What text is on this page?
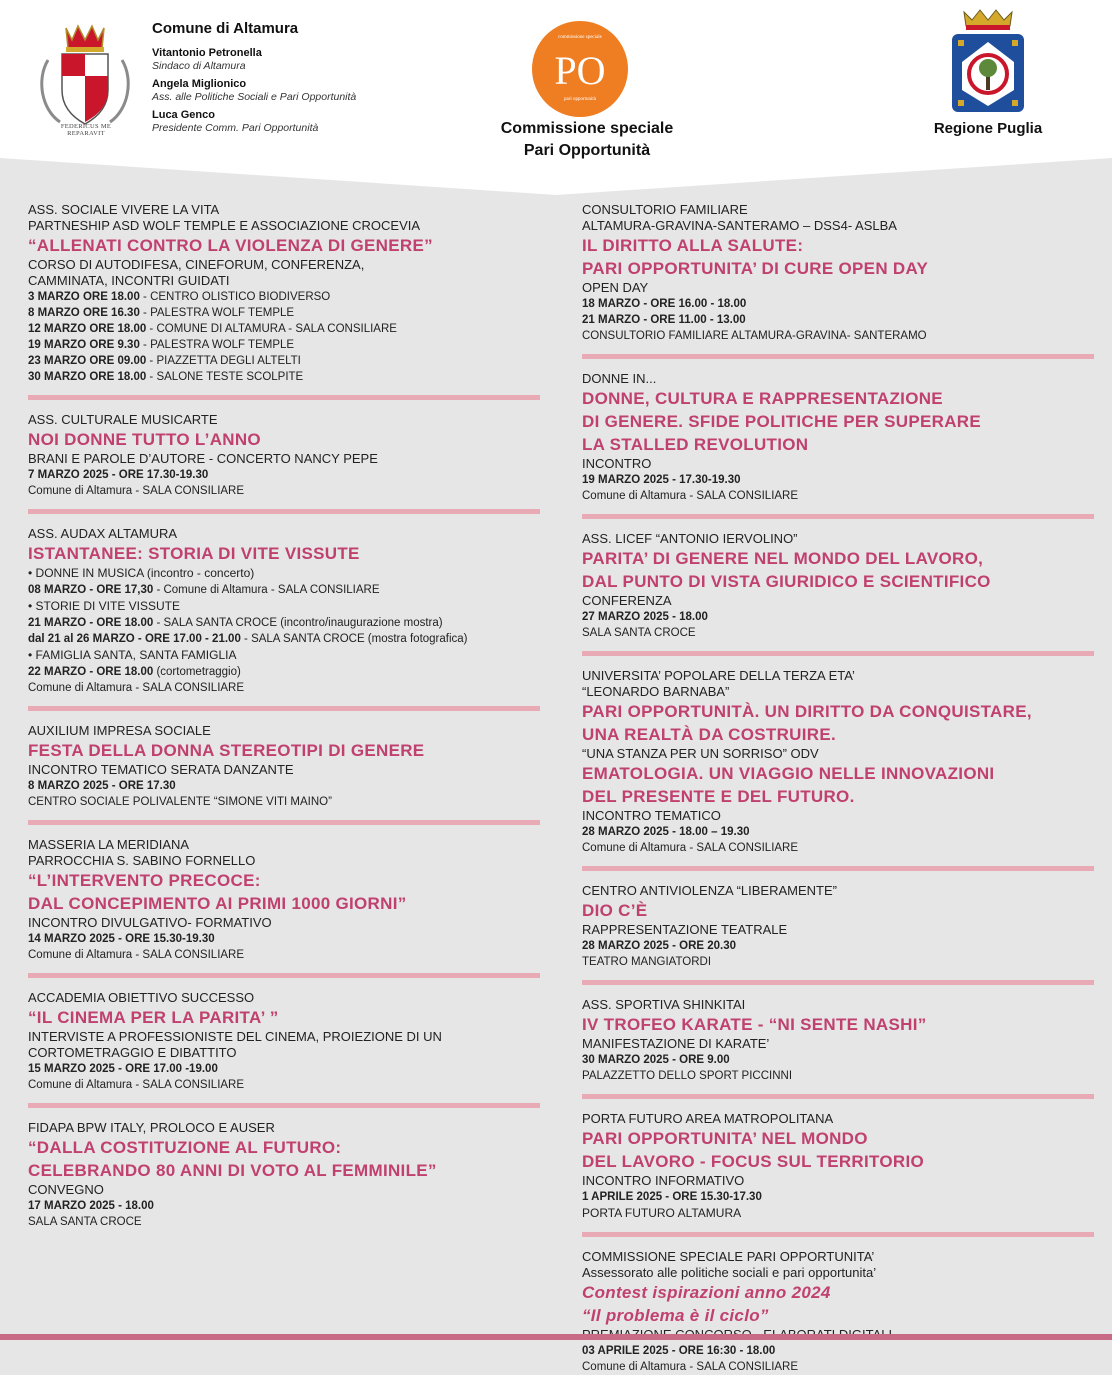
FEDERICUS ME REPARAVIT
Comune di Altamura
Vitantonio Petronella
Sindaco di Altamura
Angela Miglionico
Ass. alle Politiche Sociali e Pari Opportunità
Luca Genco
Presidente Comm. Pari Opportunità
commissione speciale
PO
pari opportunità
Commissione speciale
Pari Opportunità
Regione Puglia
ASS. SOCIALE VIVERE LA VITA
PARTNESHIP ASD WOLF TEMPLE E ASSOCIAZIONE CROCEVIA
“ALLENATI CONTRO LA VIOLENZA DI GENERE”
CORSO DI AUTODIFESA, CINEFORUM, CONFERENZA,
CAMMINATA, INCONTRI GUIDATI
3 MARZO ORE 18.00 - CENTRO OLISTICO BIODIVERSO
8 MARZO ORE 16.30 - PALESTRA WOLF TEMPLE
12 MARZO ORE 18.00 - COMUNE DI ALTAMURA - SALA CONSILIARE
19 MARZO ORE 9.30 - PALESTRA WOLF TEMPLE
23 MARZO ORE 09.00 - PIAZZETTA DEGLI ALTELTI
30 MARZO ORE 18.00 - SALONE TESTE SCOLPITE
ASS. CULTURALE MUSICARTE
NOI DONNE TUTTO L’ANNO
BRANI E PAROLE D’AUTORE - CONCERTO NANCY PEPE
7 MARZO 2025 - ORE 17.30-19.30
Comune di Altamura - SALA CONSILIARE
ASS. AUDAX ALTAMURA
ISTANTANEE: STORIA DI VITE VISSUTE
• DONNE IN MUSICA (incontro - concerto)
08 MARZO - ORE 17,30 - Comune di Altamura - SALA CONSILIARE
• STORIE DI VITE VISSUTE
21 MARZO - ORE 18.00 - SALA SANTA CROCE (incontro/inaugurazione mostra)
dal 21 al 26 MARZO - ORE 17.00 - 21.00 - SALA SANTA CROCE (mostra fotografica)
• FAMIGLIA SANTA, SANTA FAMIGLIA
22 MARZO - ORE 18.00 (cortometraggio)
Comune di Altamura - SALA CONSILIARE
AUXILIUM IMPRESA SOCIALE
FESTA DELLA DONNA STEREOTIPI DI GENERE
INCONTRO TEMATICO SERATA DANZANTE
8 MARZO 2025 - ORE 17.30
CENTRO SOCIALE POLIVALENTE “SIMONE VITI MAINO”
MASSERIA LA MERIDIANA
PARROCCHIA S. SABINO FORNELLO
“L’INTERVENTO PRECOCE:
DAL CONCEPIMENTO AI PRIMI 1000 GIORNI”
INCONTRO DIVULGATIVO- FORMATIVO
14 MARZO 2025 - ORE 15.30-19.30
Comune di Altamura - SALA CONSILIARE
ACCADEMIA OBIETTIVO SUCCESSO
“IL CINEMA PER LA PARITA’ ”
INTERVISTE A PROFESSIONISTE DEL CINEMA, PROIEZIONE DI UN
CORTOMETRAGGIO E DIBATTITO
15 MARZO 2025 - ORE 17.00 -19.00
Comune di Altamura - SALA CONSILIARE
FIDAPA BPW ITALY, PROLOCO E AUSER
“DALLA COSTITUZIONE AL FUTURO:
CELEBRANDO 80 ANNI DI VOTO AL FEMMINILE”
CONVEGNO
17 MARZO 2025 - 18.00
SALA SANTA CROCE
CONSULTORIO FAMILIARE
ALTAMURA-GRAVINA-SANTERAMO – DSS4- ASLBA
IL DIRITTO ALLA SALUTE:
PARI OPPORTUNITA’ DI CURE OPEN DAY
OPEN DAY
18 MARZO - ORE 16.00 - 18.00
21 MARZO - ORE 11.00 - 13.00
CONSULTORIO FAMILIARE ALTAMURA-GRAVINA- SANTERAMO
DONNE IN...
DONNE, CULTURA E RAPPRESENTAZIONE
DI GENERE. SFIDE POLITICHE PER SUPERARE
LA STALLED REVOLUTION
INCONTRO
19 MARZO 2025 - 17.30-19.30
Comune di Altamura - SALA CONSILIARE
ASS. LICEF “ANTONIO IERVOLINO”
PARITA’ DI GENERE NEL MONDO DEL LAVORO,
DAL PUNTO DI VISTA GIURIDICO E SCIENTIFICO
CONFERENZA
27 MARZO 2025 - 18.00
SALA SANTA CROCE
UNIVERSITA’ POPOLARE DELLA TERZA ETA’
“LEONARDO BARNABA”
PARI OPPORTUNITÀ. UN DIRITTO DA CONQUISTARE,
UNA REALTÀ DA COSTRUIRE.
“UNA STANZA PER UN SORRISO” ODV
EMATOLOGIA. UN VIAGGIO NELLE INNOVAZIONI
DEL PRESENTE E DEL FUTURO.
INCONTRO TEMATICO
28 MARZO 2025 - 18.00 – 19.30
Comune di Altamura - SALA CONSILIARE
CENTRO ANTIVIOLENZA “LIBERAMENTE”
DIO C’È
RAPPRESENTAZIONE TEATRALE
28 MARZO 2025 - ORE 20.30
TEATRO MANGIATORDI
ASS. SPORTIVA SHINKITAI
IV TROFEO KARATE - “NI SENTE NASHI”
MANIFESTAZIONE DI KARATE’
30 MARZO 2025 - ORE 9.00
PALAZZETTO DELLO SPORT PICCINNI
PORTA FUTURO AREA MATROPOLITANA
PARI OPPORTUNITA’ NEL MONDO
DEL LAVORO - FOCUS SUL TERRITORIO
INCONTRO INFORMATIVO
1 APRILE 2025 - ORE 15.30-17.30
PORTA FUTURO ALTAMURA
COMMISSIONE SPECIALE PARI OPPORTUNITA’
Assessorato alle politiche sociali e pari opportunita’
Contest ispirazioni anno 2024
“Il problema è il ciclo”
03 APRILE 2025 - ORE 16:30 - 18.00
Comune di Altamura - SALA CONSILIARE
